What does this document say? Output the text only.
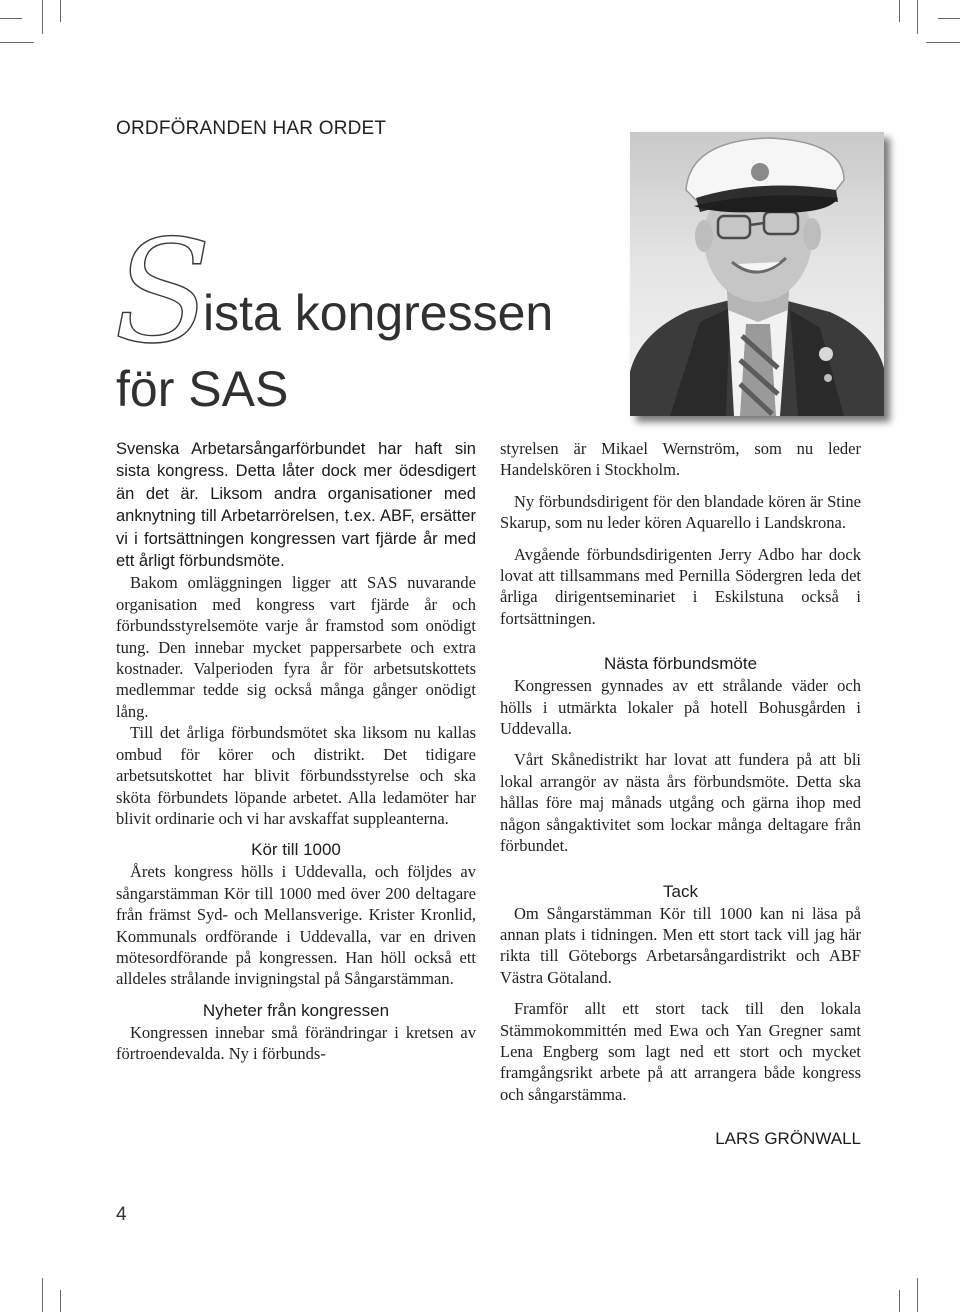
ORDFÖRANDEN HAR ORDET
S
ista kongressen
för SAS

Svenska Arbetarsångarförbundet har haft sin sista kongress. Detta låter dock mer ödesdigert än det är. Liksom andra organisationer med anknytning till Arbetarrörelsen, t.ex. ABF, ersätter vi i fortsättningen kongressen vart fjärde år med ett årligt förbundsmöte.

Bakom omläggningen ligger att SAS nuvarande organisation med kongress vart fjärde år och förbundsstyrelsemöte varje år framstod som onödigt tung. Den innebar mycket pappersarbete och extra kostnader. Valperioden fyra år för arbetsutskottets medlemmar tedde sig också många gånger onödigt lång.

Till det årliga förbundsmötet ska liksom nu kallas ombud för körer och distrikt. Det tidigare arbetsutskottet har blivit förbundsstyrelse och ska sköta förbundets löpande arbetet. Alla ledamöter har blivit ordinarie och vi har avskaffat suppleanterna.

Kör till 1000

Årets kongress hölls i Uddevalla, och följdes av sångarstämman Kör till 1000 med över 200 deltagare från främst Syd- och Mellansverige. Krister Kronlid, Kommunals ordförande i Uddevalla, var en driven mötesordförande på kongressen. Han höll också ett alldeles strålande invigningstal på Sångarstämman.

Nyheter från kongressen

Kongressen innebar små förändringar i kretsen av förtroendevalda. Ny i förbunds-

styrelsen är Mikael Wernström, som nu leder Handelskören i Stockholm.

Ny förbundsdirigent för den blandade kören är Stine Skarup, som nu leder kören Aquarello i Landskrona.

Avgående förbundsdirigenten Jerry Adbo har dock lovat att tillsammans med Pernilla Södergren leda det årliga dirigentseminariet i Eskilstuna också i fortsättningen.

Nästa förbundsmöte

Kongressen gynnades av ett strålande väder och hölls i utmärkta lokaler på hotell Bohusgården i Uddevalla.

Vårt Skånedistrikt har lovat att fundera på att bli lokal arrangör av nästa års förbundsmöte. Detta ska hållas före maj månads utgång och gärna ihop med någon sångaktivitet som lockar många deltagare från förbundet.

Tack

Om Sångarstämman Kör till 1000 kan ni läsa på annan plats i tidningen. Men ett stort tack vill jag här rikta till Göteborgs Arbetarsångardistrikt och ABF Västra Götaland.

Framför allt ett stort tack till den lokala Stämmokommittén med Ewa och Yan Gregner samt Lena Engberg som lagt ned ett stort och mycket framgångsrikt arbete på att arrangera både kongress och sångarstämma.

LARS GRÖNWALL
4
